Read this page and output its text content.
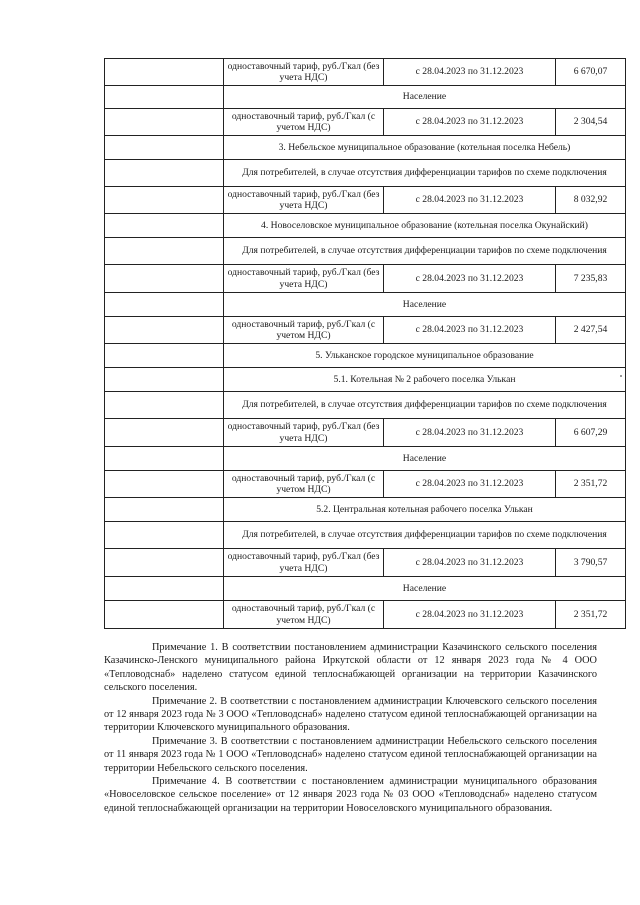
	одноставочный тариф, руб./Гкал (без учета НДС)	с 28.04.2023 по 31.12.2023	6 670,07
	Население		
	одноставочный тариф, руб./Гкал (с учетом НДС)	с 28.04.2023 по 31.12.2023	2 304,54
	3. Небельское муниципальное образование (котельная поселка Небель)		
	Для потребителей, в случае отсутствия дифференциации тарифов по схеме подключения		
	одноставочный тариф, руб./Гкал (без учета НДС)	с 28.04.2023 по 31.12.2023	8 032,92
	4. Новоселовское муниципальное образование (котельная поселка Окунайский)		
	Для потребителей, в случае отсутствия дифференциации тарифов по схеме подключения		
	одноставочный тариф, руб./Гкал (без учета НДС)	с 28.04.2023 по 31.12.2023	7 235,83
	Население		
	одноставочный тариф, руб./Гкал (с учетом НДС)	с 28.04.2023 по 31.12.2023	2 427,54
	5. Ульканское городское муниципальное образование		
	5.1. Котельная № 2 рабочего поселка Улькан		
	Для потребителей, в случае отсутствия дифференциации тарифов по схеме подключения		
	одноставочный тариф, руб./Гкал (без учета НДС)	с 28.04.2023 по 31.12.2023	6 607,29
	Население		
	одноставочный тариф, руб./Гкал (с учетом НДС)	с 28.04.2023 по 31.12.2023	2 351,72
	5.2. Центральная котельная рабочего поселка Улькан		
	Для потребителей, в случае отсутствия дифференциации тарифов по схеме подключения		
	одноставочный тариф, руб./Гкал (без учета НДС)	с 28.04.2023 по 31.12.2023	3 790,57
	Население		
	одноставочный тариф, руб./Гкал (с учетом НДС)	с 28.04.2023 по 31.12.2023	2 351,72

Примечание 1. В соответствии постановлением администрации Казачинского сельского поселения Казачинско-Ленского муниципального района Иркутской области от 12 января 2023 года № 4 ООО «Тепловодснаб» наделено статусом единой теплоснабжающей организации на территории Казачинского сельского поселения.

Примечание 2. В соответствии с постановлением администрации Ключевского сельского поселения от 12 января 2023 года № 3 ООО «Тепловодснаб» наделено статусом единой теплоснабжающей организации на территории Ключевского муниципального образования.

Примечание 3. В соответствии с постановлением администрации Небельского сельского поселения от 11 января 2023 года № 1 ООО «Тепловодснаб» наделено статусом единой теплоснабжающей организации на территории Небельского сельского поселения.

Примечание 4. В соответствии с постановлением администрации муниципального образования «Новоселовское сельское поселение» от 12 января 2023 года № 03 ООО «Тепловодснаб» наделено статусом единой теплоснабжающей организации на территории Новоселовского муниципального образования.
